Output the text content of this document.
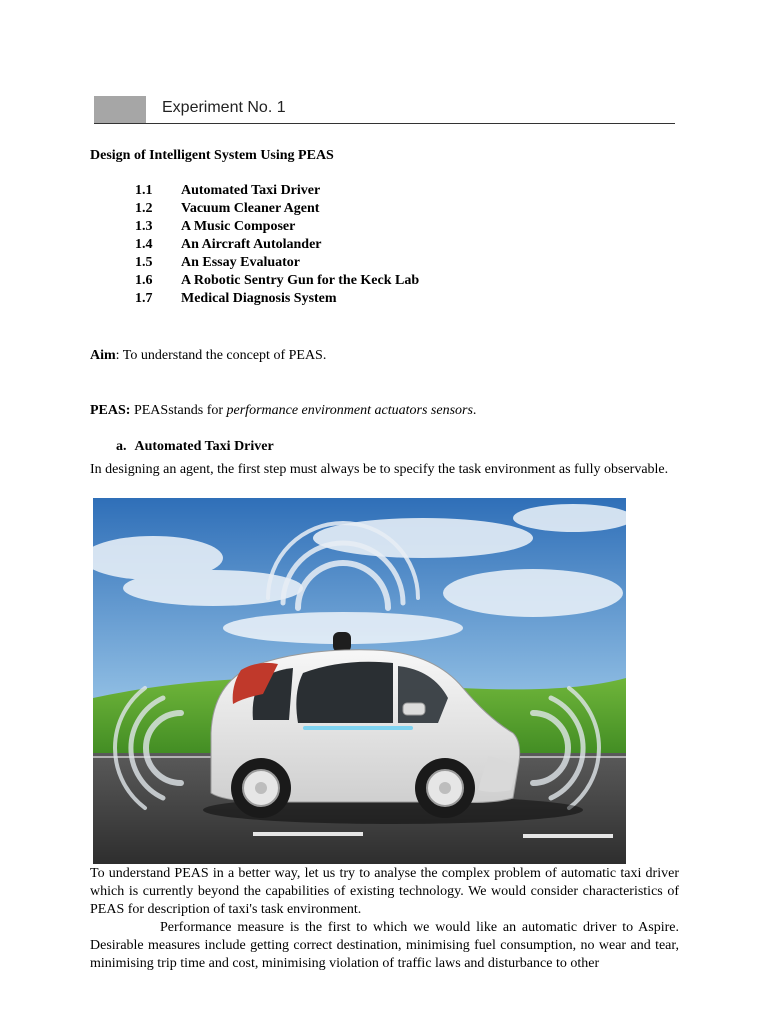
Experiment No. 1
Design of Intelligent System Using PEAS
1.1	Automated Taxi Driver
1.2	Vacuum Cleaner Agent
1.3	A Music Composer
1.4	An Aircraft Autolander
1.5	An Essay Evaluator
1.6	A Robotic Sentry Gun for the Keck Lab
1.7	Medical Diagnosis System
Aim: To understand the concept of PEAS.
PEAS: PEASstands for performance environment actuators sensors.
a. Automated Taxi Driver

In designing an agent, the first step must always be to specify the task environment as fully observable.

To understand PEAS in a better way, let us try to analyse the complex problem of automatic taxi driver which is currently beyond the capabilities of existing technology. We would consider characteristics of PEAS for description of taxi's task environment.
Performance measure is the first to which we would like an automatic driver to Aspire. Desirable measures include getting correct destination, minimising fuel consumption, no wear and tear, minimising trip time and cost, minimising violation of traffic laws and disturbance to other
